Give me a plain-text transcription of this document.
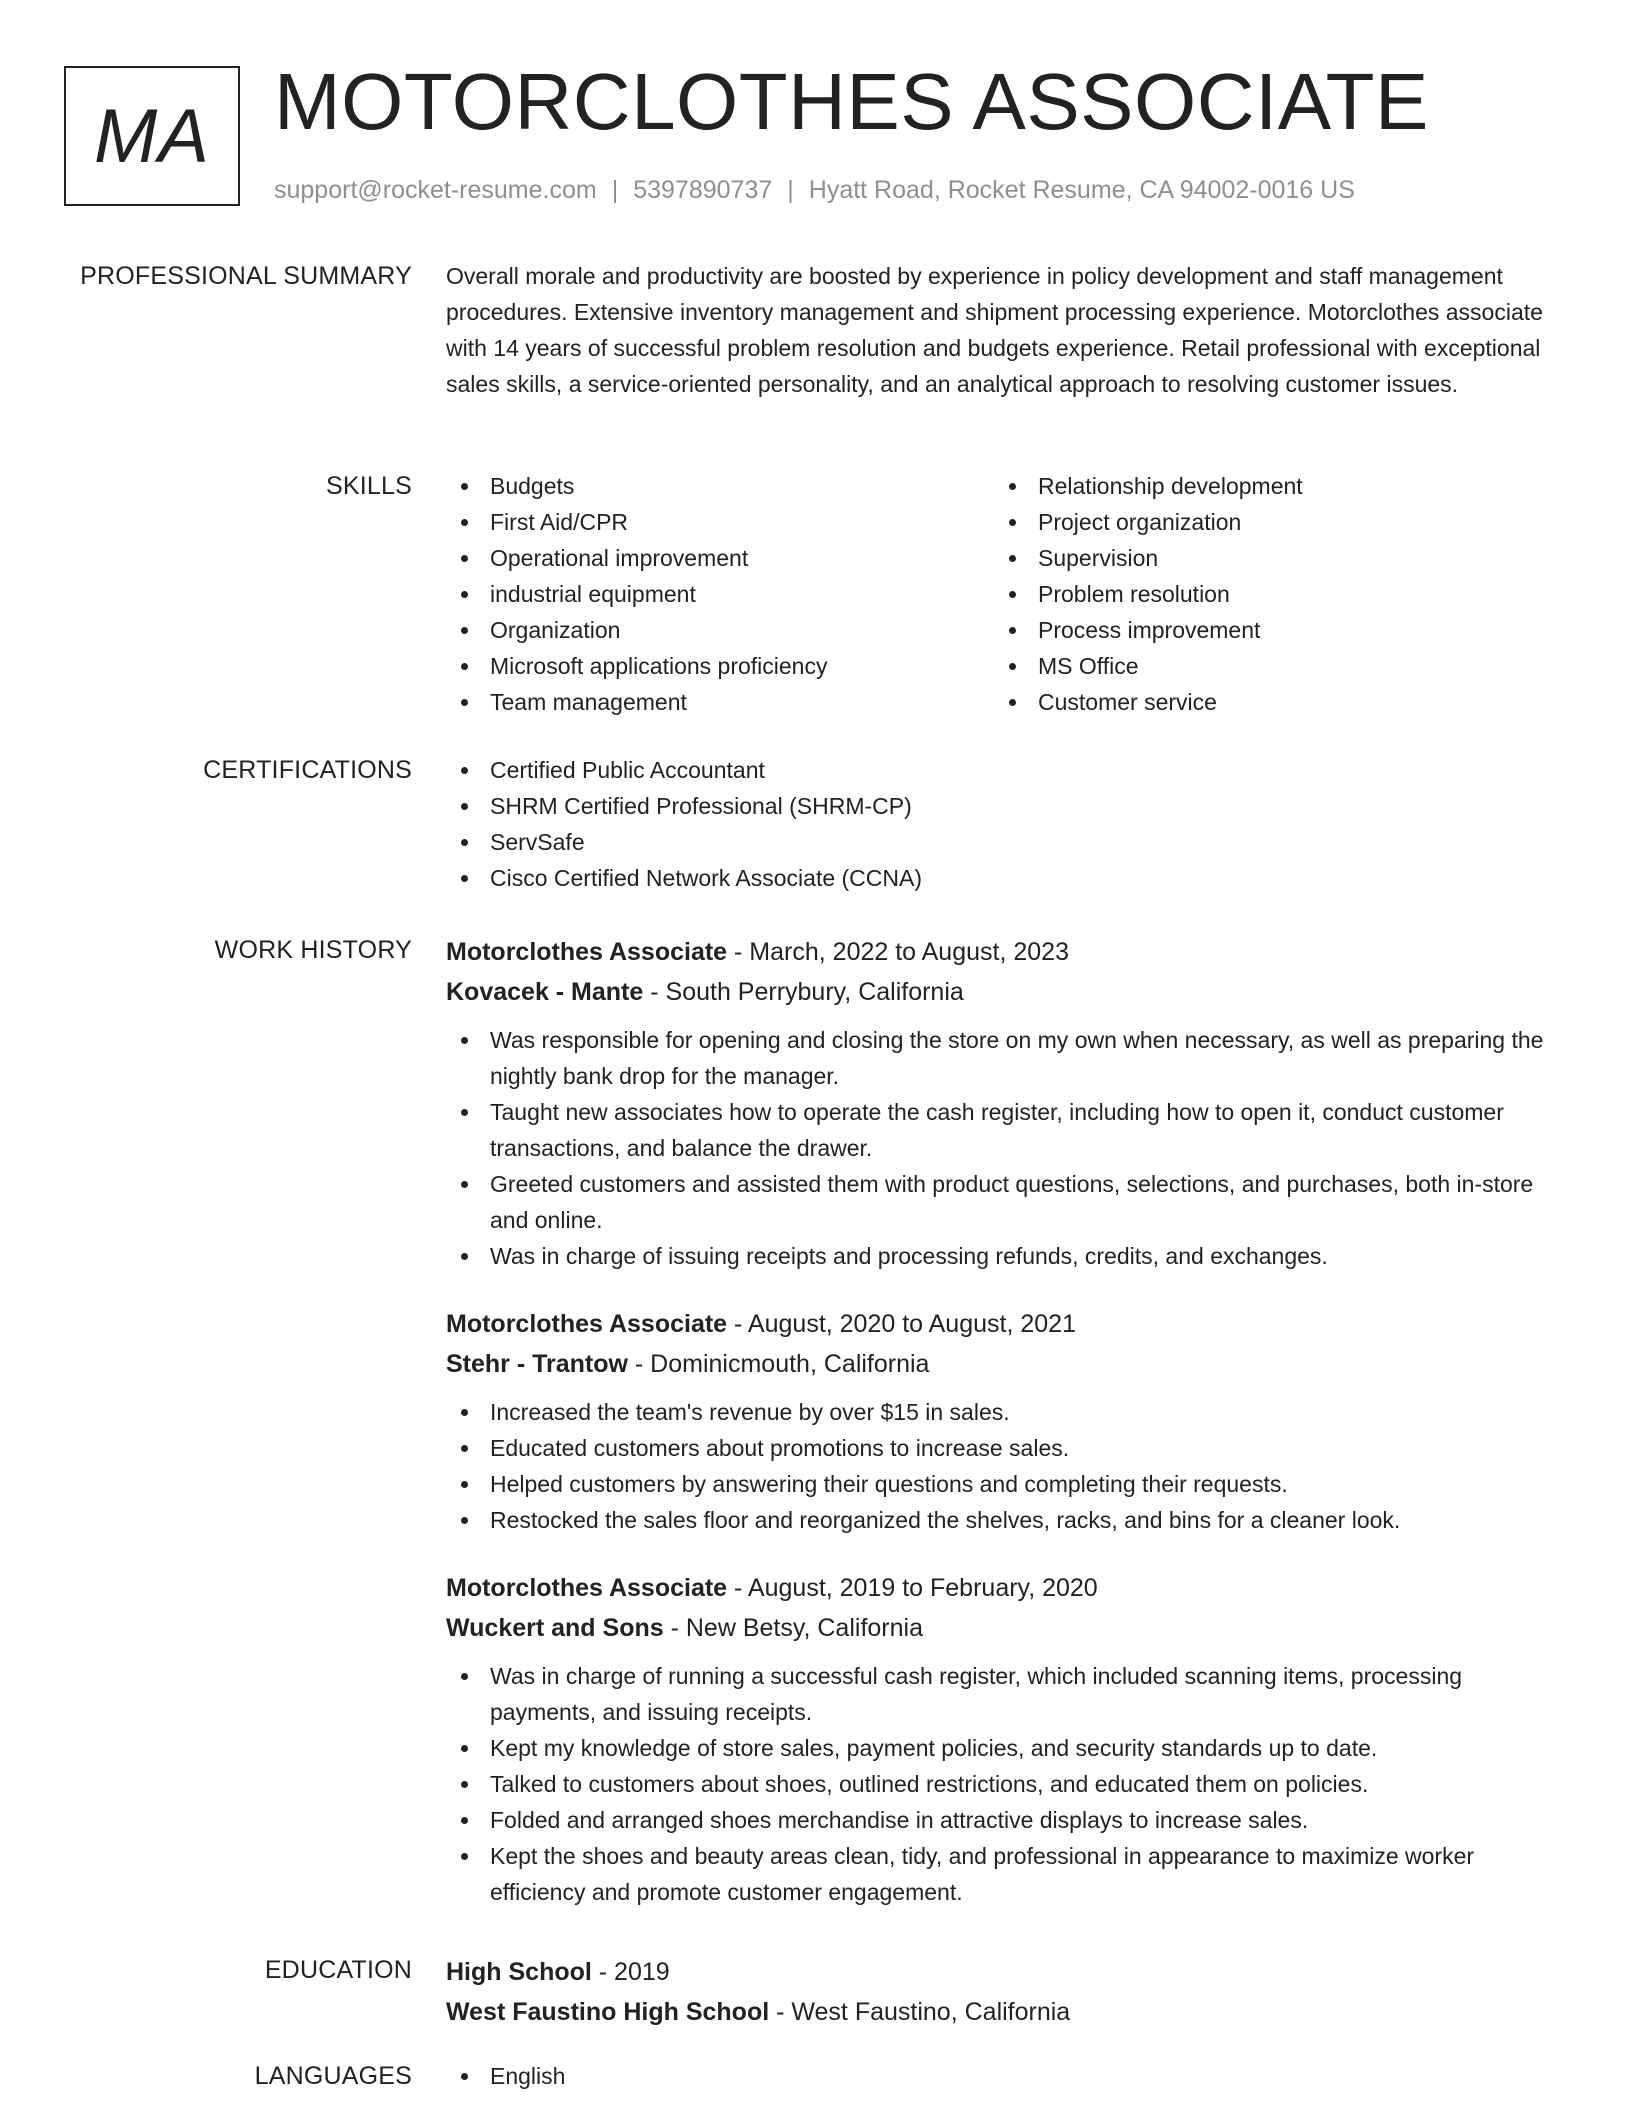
MA MOTORCLOTHES ASSOCIATE
support@rocket-resume.com | 5397890737 | Hyatt Road, Rocket Resume, CA 94002-0016 US
PROFESSIONAL SUMMARY Overall morale and productivity are boosted by experience in policy development and staff management procedures. Extensive inventory management and shipment processing experience. Motorclothes associate with 14 years of successful problem resolution and budgets experience. Retail professional with exceptional sales skills, a service-oriented personality, and an analytical approach to resolving customer issues.

SKILLS	Budgets
First Aid/CPR
Operational improvement
industrial equipment
Organization
Microsoft applications proficiency
Team management
Relationship development
Project organization
Supervision
Problem resolution
Process improvement
MS Office
Customer service
CERTIFICATIONS	Certified Public Accountant
SHRM Certified Professional (SHRM-CP)
ServSafe
Cisco Certified Network Associate (CCNA)
WORK HISTORY Motorclothes Associate - March, 2022 to August, 2023
Kovacek - Mante - South Perrybury, California
Was responsible for opening and closing the store on my own when necessary, as well as preparing the nightly bank drop for the manager.
Taught new associates how to operate the cash register, including how to open it, conduct customer transactions, and balance the drawer.
Greeted customers and assisted them with product questions, selections, and purchases, both in-store and online.
Was in charge of issuing receipts and processing refunds, credits, and exchanges.
Motorclothes Associate - August, 2020 to August, 2021
Stehr - Trantow - Dominicmouth, California
Increased the team's revenue by over $15 in sales.
Educated customers about promotions to increase sales.
Helped customers by answering their questions and completing their requests.
Restocked the sales floor and reorganized the shelves, racks, and bins for a cleaner look.
Motorclothes Associate - August, 2019 to February, 2020
Wuckert and Sons - New Betsy, California
Was in charge of running a successful cash register, which included scanning items, processing payments, and issuing receipts.
Kept my knowledge of store sales, payment policies, and security standards up to date.
Talked to customers about shoes, outlined restrictions, and educated them on policies.
Folded and arranged shoes merchandise in attractive displays to increase sales.
Kept the shoes and beauty areas clean, tidy, and professional in appearance to maximize worker efficiency and promote customer engagement.
EDUCATION High School - 2019
West Faustino High School - West Faustino, California
LANGUAGES	English
